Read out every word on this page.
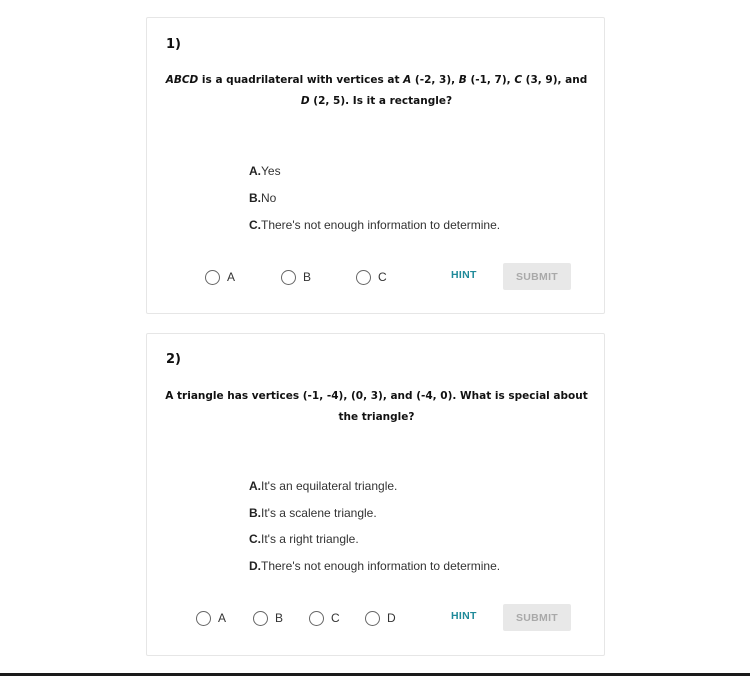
1)
ABCD is a quadrilateral with vertices at A (-2, 3), B (-1, 7), C (3, 9), and
D (2, 5). Is it a rectangle?
A.Yes
B.No
C.There's not enough information to determine.
A	B	C	HINT	SUBMIT
2)
A triangle has vertices (-1, -4), (0, 3), and (-4, 0). What is special about the triangle?
A.It's an equilateral triangle.
B.It's a scalene triangle.
C.It's a right triangle.
D.There's not enough information to determine.
A	B	C	D	HINT	SUBMIT
